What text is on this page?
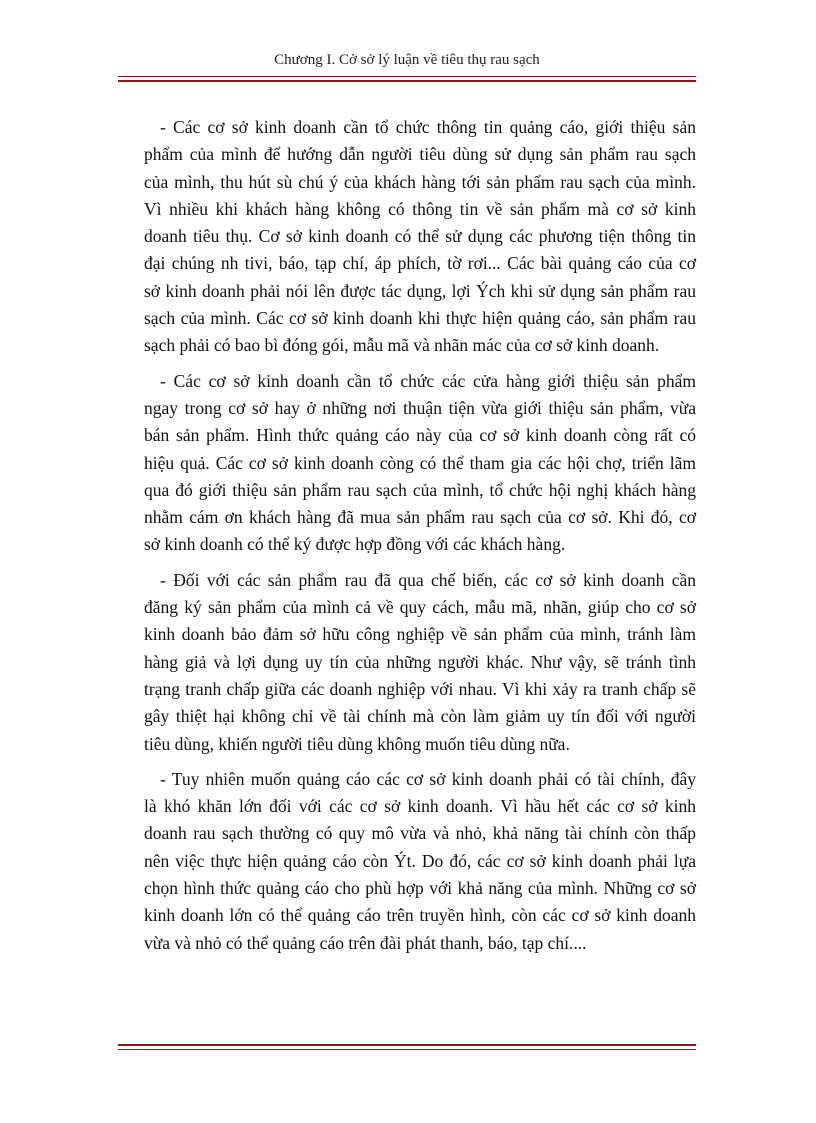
Chương I. Cở sở lý luận về tiêu thụ rau sạch

- Các cơ sở kinh doanh cần tổ chức thông tin quảng cáo, giới thiệu sản
phẩm của mình để hướng dẫn người tiêu dùng sử dụng sản phẩm rau sạch
của mình, thu hút sù chú ý của khách hàng tới sản phẩm rau sạch của mình.
Vì nhiều khi khách hàng không có thông tin về sản phẩm mà cơ sở kinh
doanh tiêu thụ. Cơ sở kinh doanh có thể sử dụng các phương tiện thông tin
đại chúng nh tivi, báo, tạp chí, áp phích, tờ rơi... Các bài quảng cáo của cơ
sở kinh doanh phải nói lên được tác dụng, lợi Ých khi sử dụng sản phẩm rau
sạch của mình. Các cơ sở kinh doanh khi thực hiện quảng cáo, sản phẩm rau
sạch phải có bao bì đóng gói, mẫu mã và nhãn mác của cơ sở kinh doanh.

- Các cơ sở kinh doanh cần tổ chức các cửa hàng giới thiệu sản phẩm
ngay trong cơ sở hay ở những nơi thuận tiện vừa giới thiệu sản phẩm, vừa
bán sản phẩm. Hình thức quảng cáo này của cơ sở kinh doanh còng rất có
hiệu quả. Các cơ sở kinh doanh còng có thể tham gia các hội chợ, triển lãm
qua đó giới thiệu sản phẩm rau sạch của mình, tổ chức hội nghị khách hàng
nhằm cám ơn khách hàng đã mua sản phẩm rau sạch của cơ sở. Khi đó, cơ
sở kinh doanh có thể ký được hợp đồng với các khách hàng.

- Đối với các sản phẩm rau đã qua chế biến, các cơ sở kinh doanh cần
đăng ký sản phẩm của mình cả về quy cách, mẫu mã, nhãn, giúp cho cơ sở
kinh doanh bảo đảm sở hữu công nghiệp về sản phẩm của mình, tránh làm
hàng giả và lợi dụng uy tín của những người khác. Như vậy, sẽ tránh tình
trạng tranh chấp giữa các doanh nghiệp với nhau. Vì khi xảy ra tranh chấp sẽ
gây thiệt hại không chỉ về tài chính mà còn làm giảm uy tín đối với người
tiêu dùng, khiến người tiêu dùng không muốn tiêu dùng nữa.

- Tuy nhiên muốn quảng cáo các cơ sở kinh doanh phải có tài chính, đây
là khó khăn lớn đối với các cơ sở kinh doanh. Vì hầu hết các cơ sở kinh
doanh rau sạch thường có quy mô vừa và nhỏ, khả năng tài chính còn thấp
nên việc thực hiện quảng cáo còn Ýt. Do đó, các cơ sở kinh doanh phải lựa
chọn hình thức quảng cáo cho phù hợp với khả năng của mình. Những cơ sở
kinh doanh lớn có thể quảng cáo trên truyền hình, còn các cơ sở kinh doanh
vừa và nhỏ có thể quảng cáo trên đài phát thanh, báo, tạp chí....
